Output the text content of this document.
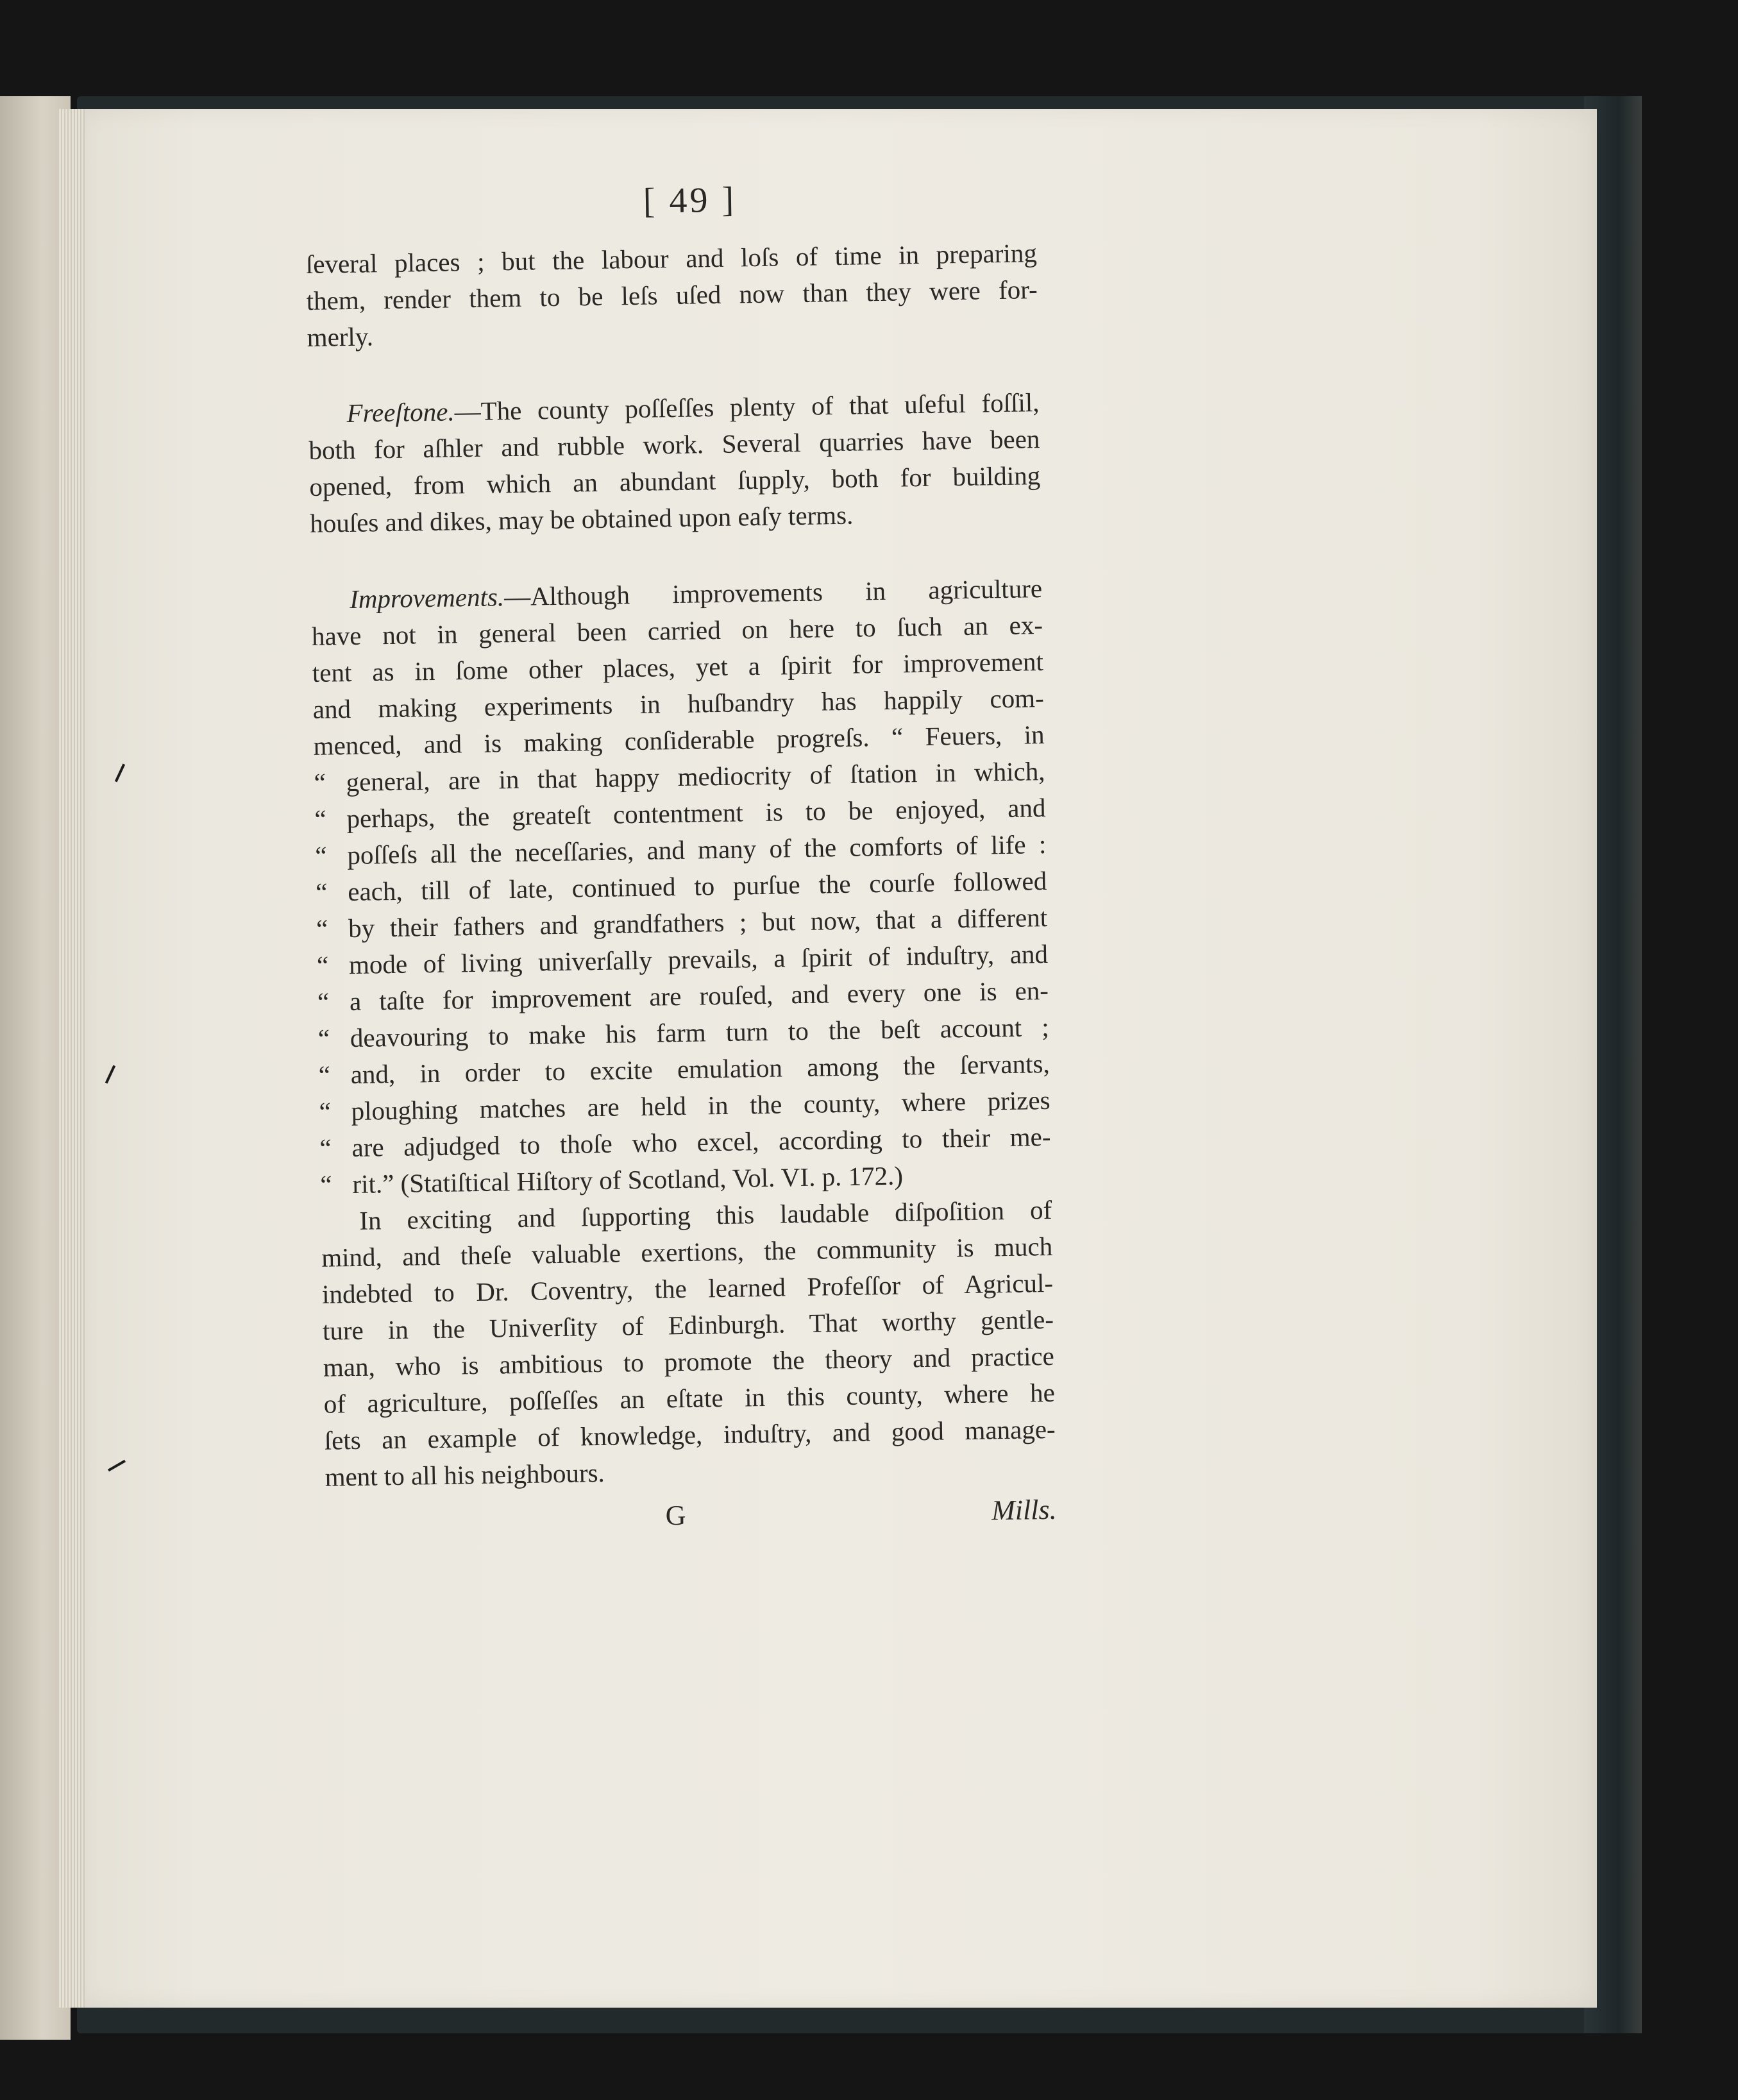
[ 49 ]
ſeveral places ; but the labour and loſs of time in preparing
them, render them to be leſs uſed now than they were for-
merly.
Freeſtone.—The county poſſeſſes plenty of that uſeful foſſil,
both for aſhler and rubble work. Several quarries have been
opened, from which an abundant ſupply, both for building
houſes and dikes, may be obtained upon eaſy terms.
Improvements.—Although improvements in agriculture
have not in general been carried on here to ſuch an ex-
tent as in ſome other places, yet a ſpirit for improvement
and making experiments in huſbandry has happily com-
menced, and is making conſiderable progreſs. “ Feuers, in
“ general, are in that happy mediocrity of ſtation in which,
“ perhaps, the greateſt contentment is to be enjoyed, and
“ poſſeſs all the neceſſaries, and many of the comforts of life :
“ each, till of late, continued to purſue the courſe followed
“ by their fathers and grandfathers ; but now, that a different
“ mode of living univerſally prevails, a ſpirit of induſtry, and
“ a taſte for improvement are rouſed, and every one is en-
“ deavouring to make his farm turn to the beſt account ;
“ and, in order to excite emulation among the ſervants,
“ ploughing matches are held in the county, where prizes
“ are adjudged to thoſe who excel, according to their me-
“ rit.” (Statiſtical Hiſtory of Scotland, Vol. VI. p. 172.)
In exciting and ſupporting this laudable diſpoſition of
mind, and theſe valuable exertions, the community is much
indebted to Dr. Coventry, the learned Profeſſor of Agricul-
ture in the Univerſity of Edinburgh. That worthy gentle-
man, who is ambitious to promote the theory and practice
of agriculture, poſſeſſes an eſtate in this county, where he
ſets an example of knowledge, induſtry, and good manage-
ment to all his neighbours.
G	Mills.
